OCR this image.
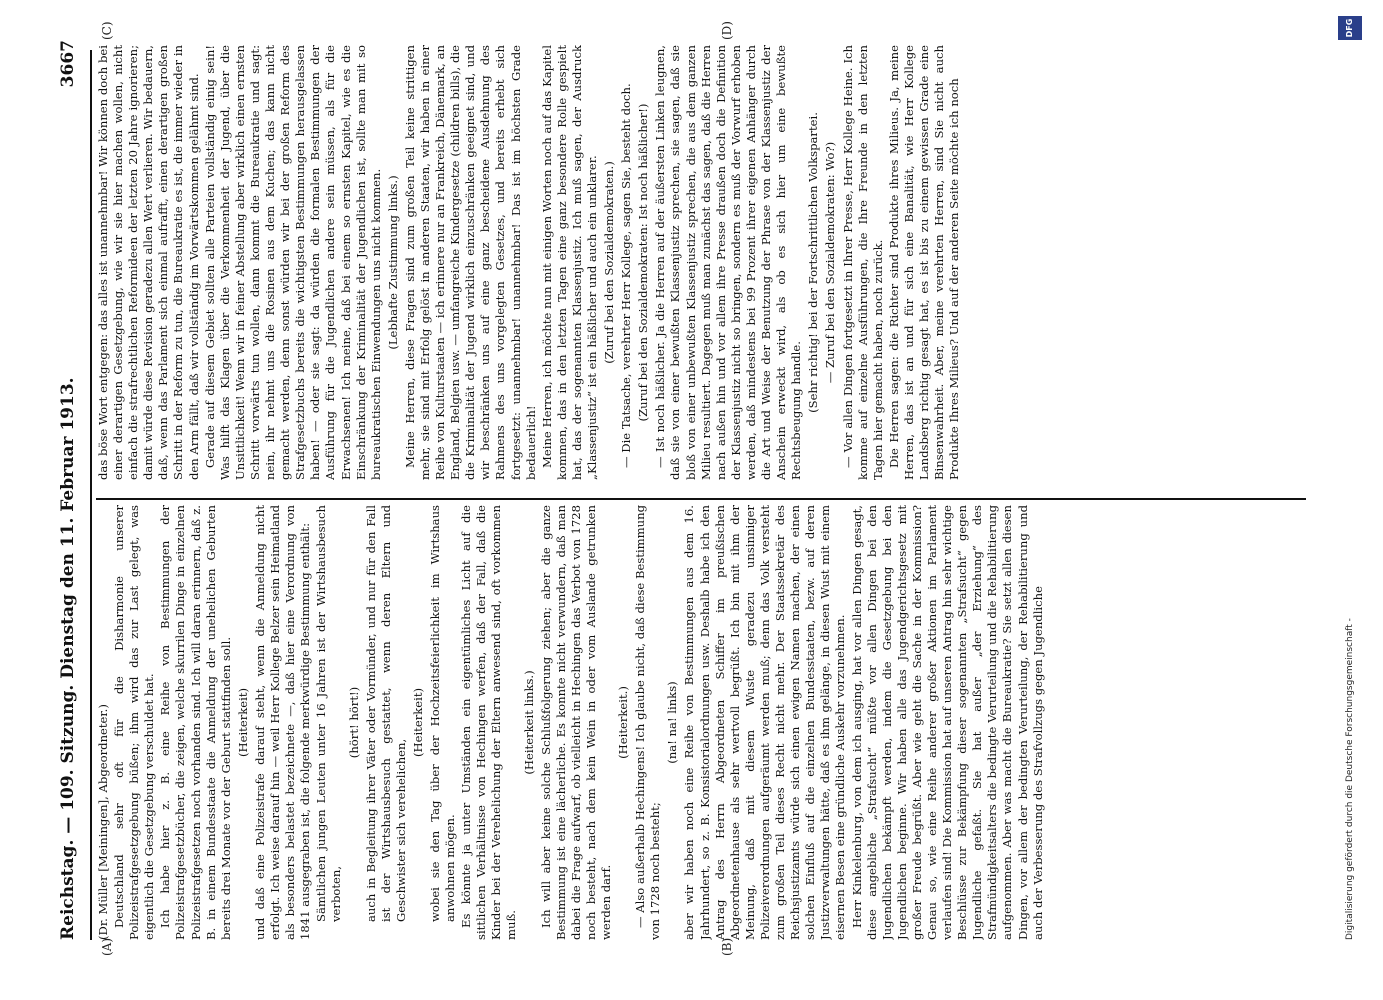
Reichstag. — 109. Sitzung. Dienstag den 11. Februar 1913.
3667
(A)	(B)
(C)	(D)

(Dr. Müller [Meiningen], Abgeordneter.) Deutschland sehr oft für die Disharmonie unserer Polizeistrafgesetzgebung büßen; ihm wird das zur Last gelegt, was eigentlich die Gesetzgebung verschuldet hat. Ich habe hier z. B. eine Reihe von Bestimmungen der Polizeistrafgesetzbücher, die zeigen, welche skurrilen Dinge in einzelnen Polizeistrafgesetzen noch vorhanden sind. Ich will daran erinnern, daß z. B. in einem Bundesstaate die Anmeldung der unehelichen Geburten bereits drei Monate vor der Geburt stattfinden soll. (Heiterkeit) und daß eine Polizeistrafe darauf steht, wenn die Anmeldung nicht erfolgt. Ich weise darauf hin — weil Herr Kollege Belzer sein Heimatland als besonders belastet bezeichnete —, daß hier eine Verordnung von 1841 ausgegraben ist, die folgende merkwürdige Bestimmung enthält: Sämtlichen jungen Leuten unter 16 Jahren ist der Wirtshausbesuch verboten,

(hört! hört!) auch in Begleitung ihrer Väter oder Vormünder, und nur für den Fall ist der Wirtshausbesuch gestattet, wenn deren Eltern und Geschwister sich verehelichen,

(Heiterkeit) wobei sie den Tag über der Hochzeitsfeierlichkeit im Wirtshaus anwohnen mögen. Es könnte ja unter Umständen ein eigentümliches Licht auf die sittlichen Verhältnisse von Hechingen werfen, daß der Fall, daß die Kinder bei der Verehelichung der Eltern anwesend sind, oft vorkommen muß.

(Heiterkeit links.) Ich will aber keine solche Schlußfolgerung ziehen; aber die ganze Bestimmung ist eine lächerliche. Es konnte nicht verwundern, daß man dabei die Frage aufwarf, ob vielleicht in Hechingen das Verbot von 1728 noch besteht, nach dem kein Wein in oder vom Auslande getrunken werden darf.

(Heiterkeit.) — Also außerhalb Hechingens! Ich glaube nicht, daß diese Bestimmung von 1728 noch besteht;

(na! na! links) aber wir haben noch eine Reihe von Bestimmungen aus dem 16. Jahrhundert, so z. B. Konsistorialordnungen usw. Deshalb habe ich den Antrag des Herrn Abgeordneten Schiffer im preußischen Abgeordnetenhause als sehr wertvoll begrüßt. Ich bin mit ihm der Meinung, daß mit diesem Wuste geradezu unsinniger Polizeiverordnungen aufgeräumt werden muß; denn das Volk versteht zum großen Teil dieses Recht nicht mehr. Der Staatssekretär des Reichsjustizamts würde sich einen ewigen Namen machen, der einen solchen Einfluß auf die einzelnen Bundesstaaten, bezw. auf deren Justizverwaltungen hätte, daß es ihm gelänge, in diesen Wust mit einem eisernen Besen eine gründliche Auskehr vorzunehmen. Herr Kinkelenburg, von dem ich ausging, hat vor allen Dingen gesagt, diese angebliche „Strafsucht“ müßte vor allen Dingen bei den Jugendlichen bekämpft werden, indem die Gesetzgebung bei den Jugendlichen beginne. Wir haben alle das Jugendgerichtsgesetz mit großer Freude begrüßt. Aber wie geht die Sache in der Kommission? Genau so, wie eine Reihe anderer großer Aktionen im Parlament verlaufen sind! Die Kommission hat auf unseren Antrag hin sehr wichtige Beschlüsse zur Bekämpfung dieser sogenannten „Strafsucht“ gegen Jugendliche gefaßt. Sie hat außer „der Erziehung“ des Strafmündigkeitsalters die bedingte Verurteilung und die Rehabilitierung aufgenommen. Aber was macht die Bureaukratie? Sie setzt allen diesen Dingen, vor allem der bedingten Verurteilung, der Rehabilitierung und auch der Verbesserung des Strafvollzugs gegen Jugendliche

das böse Wort entgegen: das alles ist unannehmbar! Wir können doch bei einer derartigen Gesetzgebung, wie wir sie hier machen wollen, nicht einfach die strafrechtlichen Reformideen der letzten 20 Jahre ignorieren; damit würde diese Revision geradezu allen Wert verlieren. Wir bedauern, daß, wenn das Parlament sich einmal aufrafft, einen derartigen großen Schritt in der Reform zu tun, die Bureaukratie es ist, die immer wieder in den Arm fällt, daß wir vollständig im Vorwärtskommen gelähmt sind. Gerade auf diesem Gebiet sollten alle Parteien vollständig einig sein! Was hilft das Klagen über die Verkommenheit der Jugend, über die Unsittlichkeit! Wenn wir in feiner Abstellung aber wirklich einen ernsten Schritt vorwärts tun wollen, dann kommt die Bureaukratie und sagt: nein, ihr nehmt uns die Rosinen aus dem Kuchen; das kann nicht gemacht werden, denn sonst würden wir bei der großen Reform des Strafgesetzbuchs bereits die wichtigsten Bestimmungen herausgelassen haben! — oder sie sagt: da würden die formalen Bestimmungen der Ausführung für die Jugendlichen andere sein müssen, als für die Erwachsenen! Ich meine, daß bei einem so ernsten Kapitel, wie es die Einschränkung der Kriminalität der Jugendlichen ist, sollte man mit so bureaukratischen Einwendungen uns nicht kommen. (Lebhafte Zustimmung links.) Meine Herren, diese Fragen sind zum großen Teil keine strittigen mehr, sie sind mit Erfolg gelöst in anderen Staaten, wir haben in einer Reihe von Kulturstaaten — ich erinnere nur an Frankreich, Dänemark, an England, Belgien usw. — umfangreiche Kindergesetze (children bills), die die Kriminalität der Jugend wirklich einzuschränken geeignet sind, und wir beschränken uns auf eine ganz bescheidene Ausdehnung des Rahmens des uns vorgelegten Gesetzes, und bereits erhebt sich fortgesetzt: unannehmbar! unannehmbar! Das ist im höchsten Grade bedauerlich! Meine Herren, ich möchte nun mit einigen Worten noch auf das Kapitel kommen, das in den letzten Tagen eine ganz besondere Rolle gespielt hat, das der sogenannten Klassenjustiz. Ich muß sagen, der Ausdruck „Klassenjustiz“ ist ein häßlicher und auch ein unklarer. (Zuruf bei den Sozialdemokraten.) — Die Tatsache, verehrter Herr Kollege, sagen Sie, besteht doch. (Zuruf bei den Sozialdemokraten: Ist noch häßlicher!) — Ist noch häßlicher. Ja die Herren auf der äußersten Linken leugnen, daß sie von einer bewußten Klassenjustiz sprechen, sie sagen, daß sie bloß von einer unbewußten Klassenjustiz sprechen, die aus dem ganzen Milieu resultiert. Dagegen muß man zunächst das sagen, daß die Herren nach außen hin und vor allem ihre Presse draußen doch die Definition der Klassenjustiz nicht so bringen, sondern es muß der Vorwurf erhoben werden, daß mindestens bei 99 Prozent ihrer eigenen Anhänger durch die Art und Weise der Benutzung der Phrase von der Klassenjustiz der Anschein erweckt wird, als ob es sich hier um eine bewußte Rechtsbeugung handle. (Sehr richtig! bei der Fortschrittlichen Volkspartei. — Zuruf bei den Sozialdemokraten: Wo?) — Vor allen Dingen fortgesetzt in Ihrer Presse, Herr Kollege Heine. Ich komme auf einzelne Ausführungen, die Ihre Freunde in den letzten Tagen hier gemacht haben, noch zurück. Die Herren sagen: die Richter sind Produkte ihres Milieus. Ja, meine Herren, das ist an und für sich eine Banalität, wie Herr Kollege Landsberg richtig gesagt hat, es ist bis zu einem gewissen Grade eine Binsenwahrheit. Aber, meine verehrten Herren, sind Sie nicht auch Produkte Ihres Milieus? Und auf der anderen Seite möchte ich noch

Digitalisierung gefördert durch die Deutsche Forschungsgemeinschaft -
DFG
